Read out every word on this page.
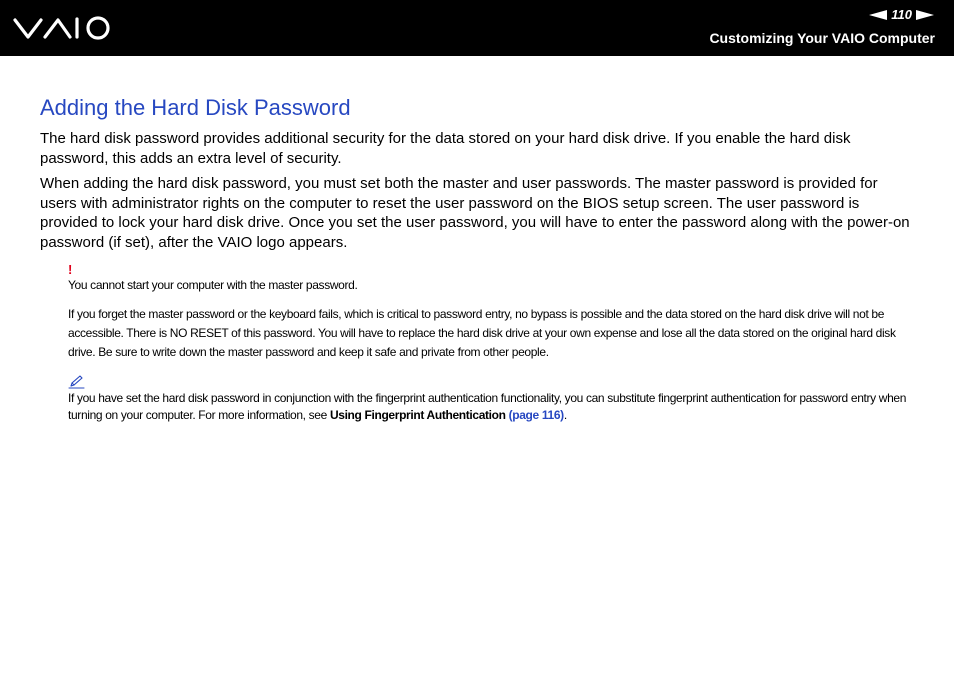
110
Customizing Your VAIO Computer
Adding the Hard Disk Password

The hard disk password provides additional security for the data stored on your hard disk drive. If you enable the hard disk password, this adds an extra level of security.

When adding the hard disk password, you must set both the master and user passwords. The master password is provided for users with administrator rights on the computer to reset the user password on the BIOS setup screen. The user password is provided to lock your hard disk drive. Once you set the user password, you will have to enter the password along with the power-on password (if set), after the VAIO logo appears.

!

You cannot start your computer with the master password.

If you forget the master password or the keyboard fails, which is critical to password entry, no bypass is possible and the data stored on the hard disk drive will not be accessible. There is NO RESET of this password. You will have to replace the hard disk drive at your own expense and lose all the data stored on the original hard disk drive. Be sure to write down the master password and keep it safe and private from other people.

If you have set the hard disk password in conjunction with the fingerprint authentication functionality, you can substitute fingerprint authentication for password entry when turning on your computer. For more information, see Using Fingerprint Authentication (page 116).
